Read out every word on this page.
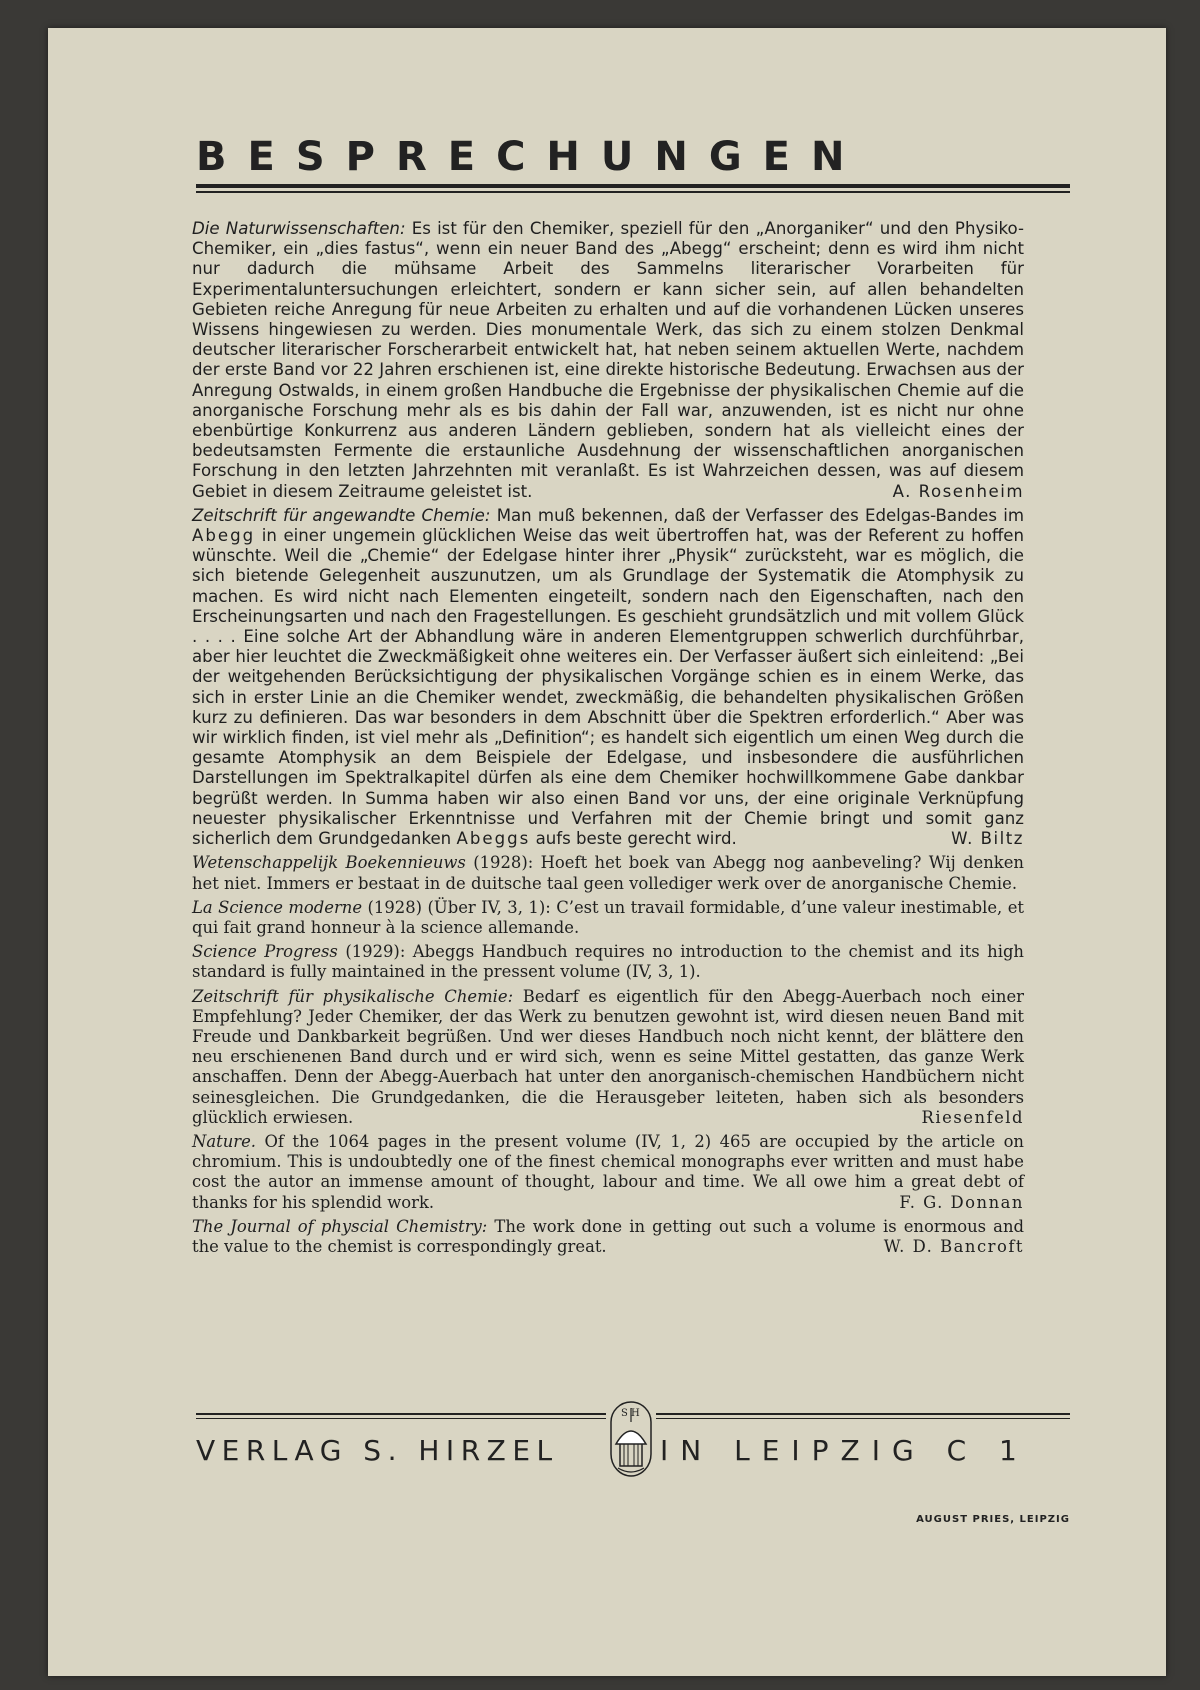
BESPRECHUNGEN

Die Naturwissenschaften: Es ist für den Chemiker, speziell für den „Anorganiker“ und den Physiko-Chemiker, ein „dies fastus“, wenn ein neuer Band des „Abegg“ erscheint; denn es wird ihm nicht nur dadurch die mühsame Arbeit des Sammelns literarischer Vorarbeiten für Experimentaluntersuchungen erleichtert, sondern er kann sicher sein, auf allen behandelten Gebieten reiche Anregung für neue Arbeiten zu erhalten und auf die vorhandenen Lücken unseres Wissens hingewiesen zu werden. Dies monumentale Werk, das sich zu einem stolzen Denkmal deutscher literarischer Forscherarbeit entwickelt hat, hat neben seinem aktuellen Werte, nachdem der erste Band vor 22 Jahren erschienen ist, eine direkte historische Bedeutung. Erwachsen aus der Anregung Ostwalds, in einem großen Handbuche die Ergebnisse der physikalischen Chemie auf die anorganische Forschung mehr als es bis dahin der Fall war, anzuwenden, ist es nicht nur ohne ebenbürtige Konkurrenz aus anderen Ländern geblieben, sondern hat als vielleicht eines der bedeutsamsten Fermente die erstaunliche Ausdehnung der wissenschaftlichen anorganischen Forschung in den letzten Jahrzehnten mit veranlaßt. Es ist Wahrzeichen dessen, was auf diesem Gebiet in diesem Zeitraume geleistet ist.	A. Rosenheim

Zeitschrift für angewandte Chemie: Man muß bekennen, daß der Verfasser des Edelgas-Bandes im Abegg in einer ungemein glücklichen Weise das weit übertroffen hat, was der Referent zu hoffen wünschte. Weil die „Chemie“ der Edelgase hinter ihrer „Physik“ zurücksteht, war es möglich, die sich bietende Gelegenheit auszunutzen, um als Grundlage der Systematik die Atomphysik zu machen. Es wird nicht nach Elementen eingeteilt, sondern nach den Eigenschaften, nach den Erscheinungsarten und nach den Fragestellungen. Es geschieht grundsätzlich und mit vollem Glück . . . . Eine solche Art der Abhandlung wäre in anderen Elementgruppen schwerlich durchführbar, aber hier leuchtet die Zweckmäßigkeit ohne weiteres ein. Der Verfasser äußert sich einleitend: „Bei der weitgehenden Berücksichtigung der physikalischen Vorgänge schien es in einem Werke, das sich in erster Linie an die Chemiker wendet, zweckmäßig, die behandelten physikalischen Größen kurz zu definieren. Das war besonders in dem Abschnitt über die Spektren erforderlich.“ Aber was wir wirklich finden, ist viel mehr als „Definition“; es handelt sich eigentlich um einen Weg durch die gesamte Atomphysik an dem Beispiele der Edelgase, und insbesondere die ausführlichen Darstellungen im Spektralkapitel dürfen als eine dem Chemiker hochwillkommene Gabe dankbar begrüßt werden. In Summa haben wir also einen Band vor uns, der eine originale Verknüpfung neuester physikalischer Erkenntnisse und Verfahren mit der Chemie bringt und somit ganz sicherlich dem Grundgedanken Abeggs aufs beste gerecht wird.	W. Biltz

Wetenschappelijk Boekennieuws (1928): Hoeft het boek van Abegg nog aanbeveling? Wij denken het niet. Immers er bestaat in de duitsche taal geen vollediger werk over de anorganische Chemie.

La Science moderne (1928) (Über IV, 3, 1): C’est un travail formidable, d’une valeur inestimable, et qui fait grand honneur à la science allemande.

Science Progress (1929): Abeggs Handbuch requires no introduction to the chemist and its high standard is fully maintained in the pressent volume (IV, 3, 1).

Zeitschrift für physikalische Chemie: Bedarf es eigentlich für den Abegg-Auerbach noch einer Empfehlung? Jeder Chemiker, der das Werk zu benutzen gewohnt ist, wird diesen neuen Band mit Freude und Dankbarkeit begrüßen. Und wer dieses Handbuch noch nicht kennt, der blättere den neu erschienenen Band durch und er wird sich, wenn es seine Mittel gestatten, das ganze Werk anschaffen. Denn der Abegg-Auerbach hat unter den anorganisch-chemischen Handbüchern nicht seinesgleichen. Die Grundgedanken, die die Herausgeber leiteten, haben sich als besonders glücklich erwiesen.	Riesenfeld

Nature. Of the 1064 pages in the present volume (IV, 1, 2) 465 are occupied by the article on chromium. This is undoubtedly one of the finest chemical monographs ever written and must habe cost the autor an immense amount of thought, labour and time. We all owe him a great debt of thanks for his splendid work.	F. G. Donnan

The Journal of physcial Chemistry: The work done in getting out such a volume is enormous and the value to the chemist is correspondingly great.	W. D. Bancroft

VERLAG S. HIRZEL	IN LEIPZIG C 1
S H
AUGUST PRIES, LEIPZIG
